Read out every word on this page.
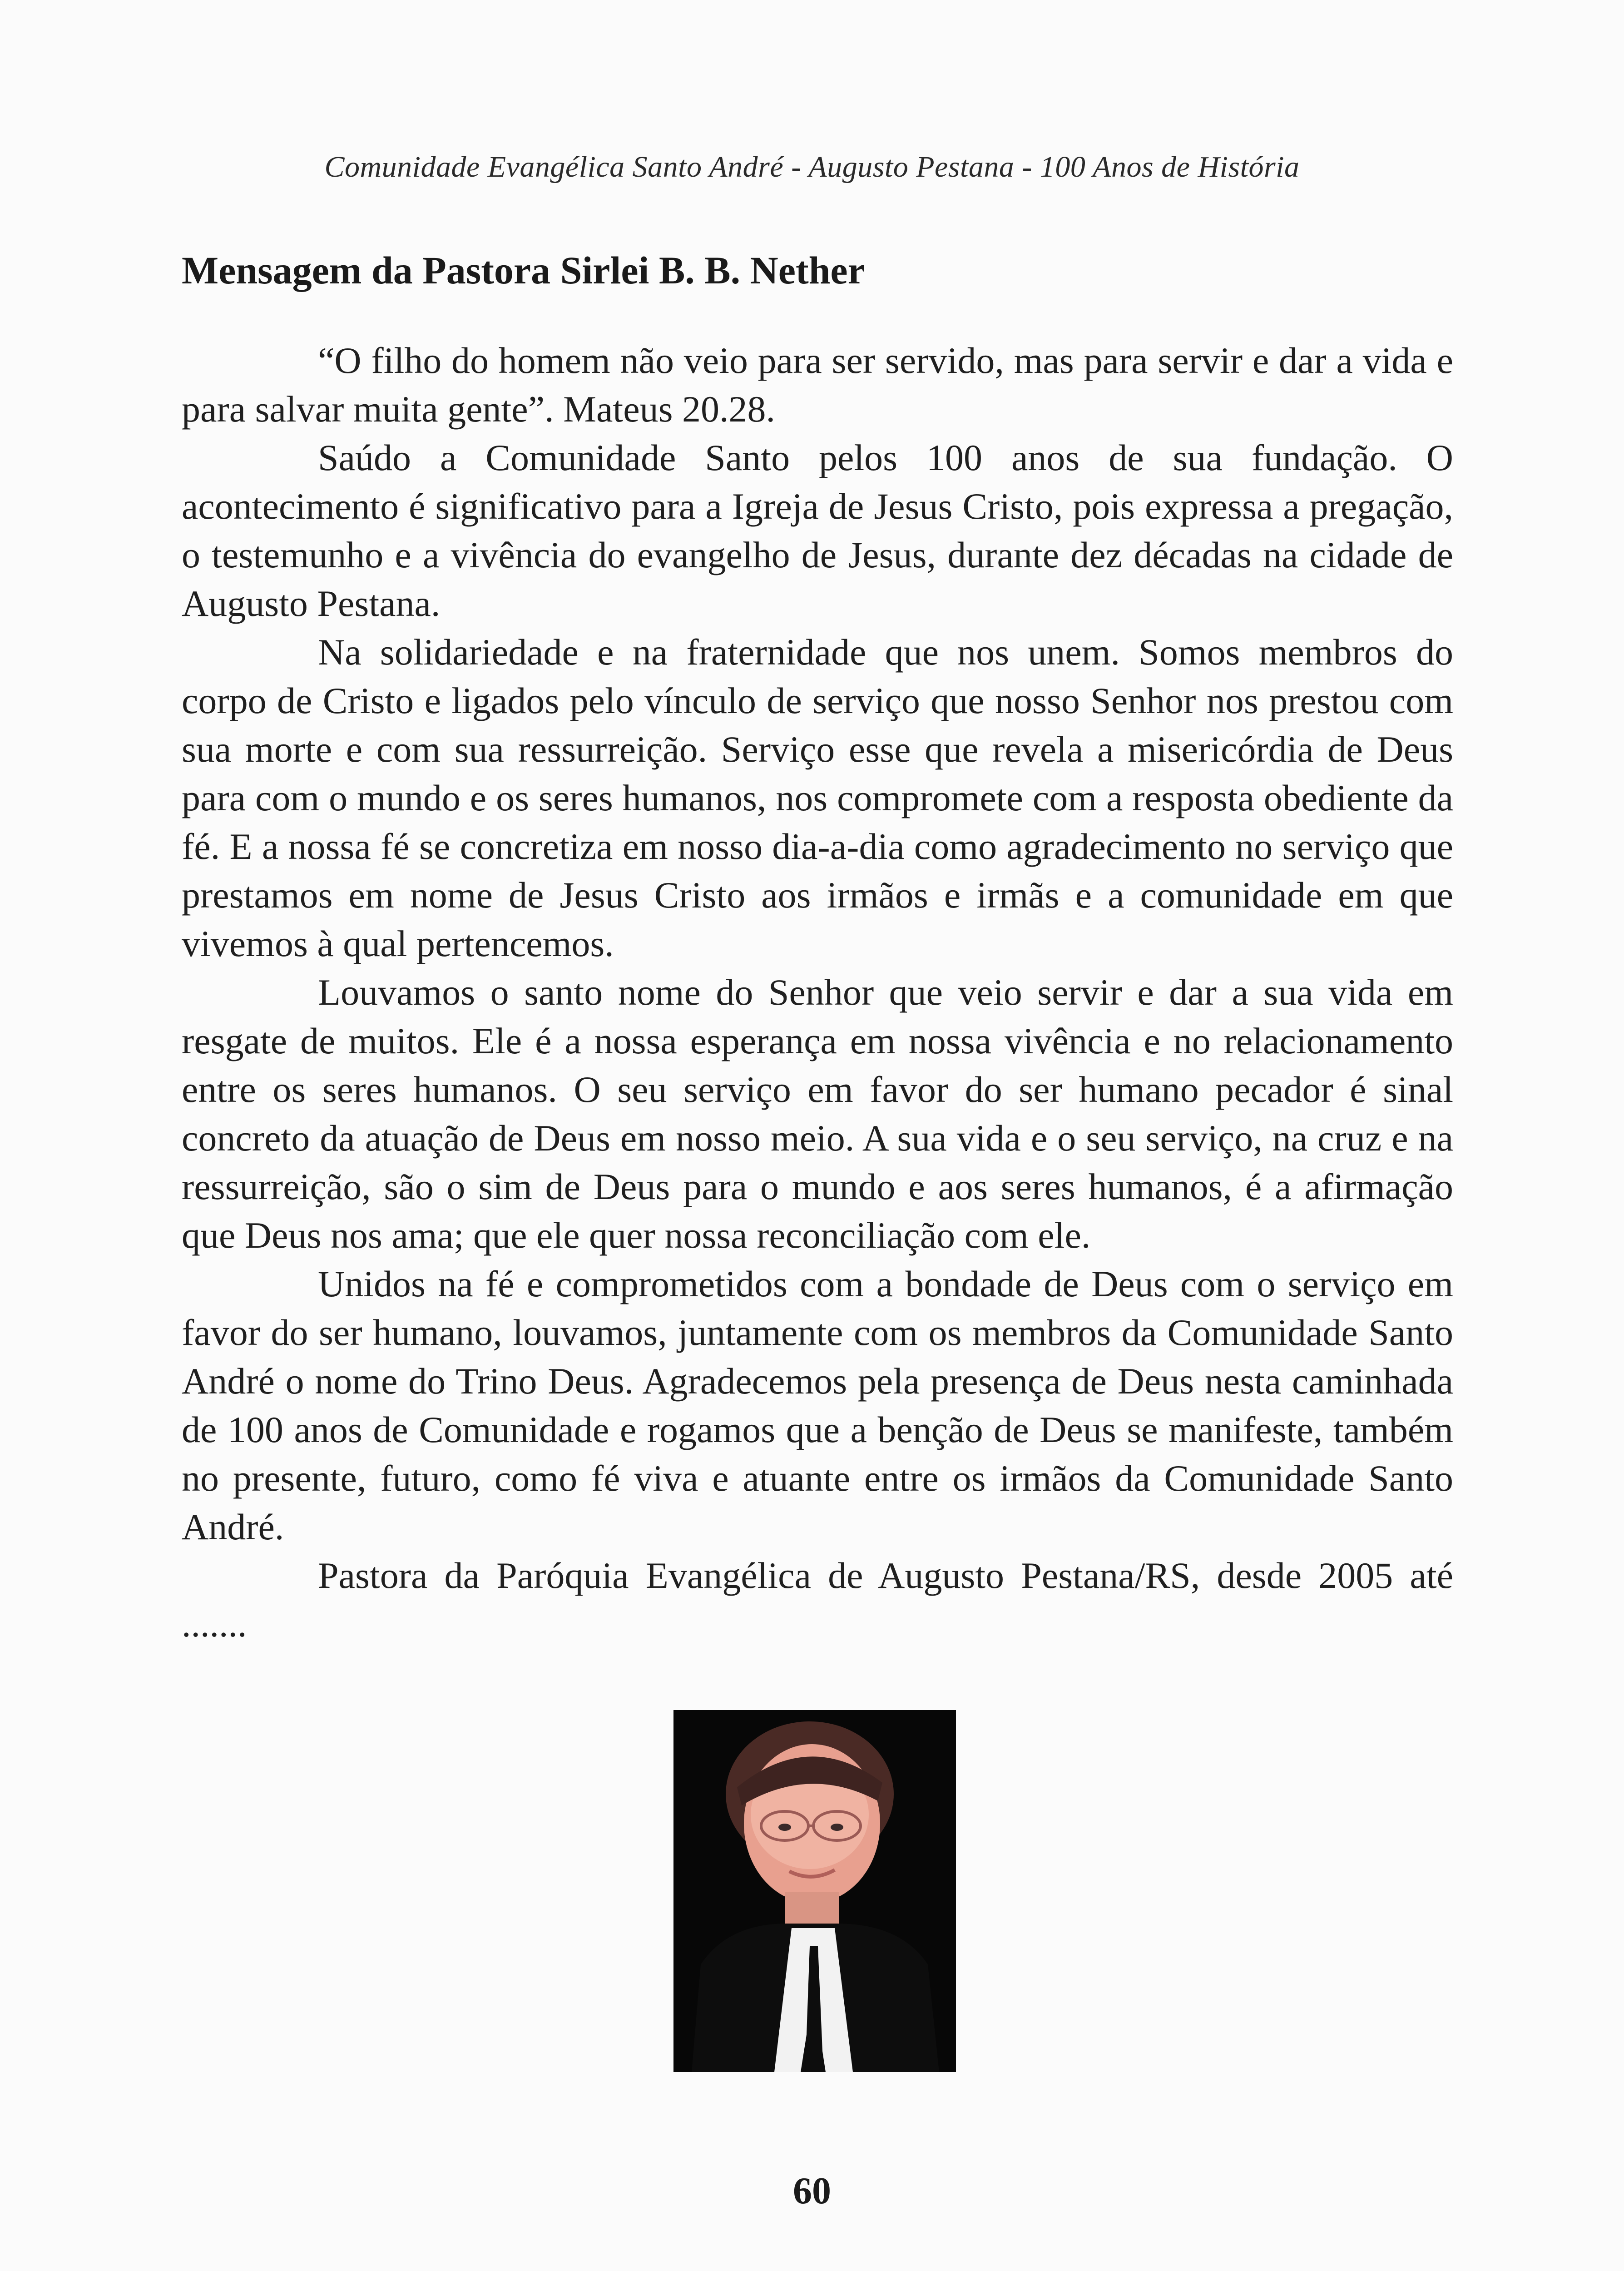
Comunidade Evangélica Santo André - Augusto Pestana - 100 Anos de História
Mensagem da Pastora Sirlei B. B. Nether

“O filho do homem não veio para ser servido, mas para servir e dar a vida e para salvar muita gente”. Mateus 20.28.

Saúdo a Comunidade Santo pelos 100 anos de sua fundação. O acontecimento é significativo para a Igreja de Jesus Cristo, pois expressa a pregação, o testemunho e a vivência do evangelho de Jesus, durante dez décadas na cidade de Augusto Pestana.

Na solidariedade e na fraternidade que nos unem. Somos membros do corpo de Cristo e ligados pelo vínculo de serviço que nosso Senhor nos prestou com sua morte e com sua ressurreição. Serviço esse que revela a misericórdia de Deus para com o mundo e os seres humanos, nos compromete com a resposta obediente da fé. E a nossa fé se concretiza em nosso dia-a-dia como agradecimento no serviço que prestamos em nome de Jesus Cristo aos irmãos e irmãs e a comunidade em que vivemos à qual pertencemos.

Louvamos o santo nome do Senhor que veio servir e dar a sua vida em resgate de muitos. Ele é a nossa esperança em nossa vivência e no relacionamento entre os seres humanos. O seu serviço em favor do ser humano pecador é sinal concreto da atuação de Deus em nosso meio. A sua vida e o seu serviço, na cruz e na ressurreição, são o sim de Deus para o mundo e aos seres humanos, é a afirmação que Deus nos ama; que ele quer nossa reconciliação com ele.

Unidos na fé e comprometidos com a bondade de Deus com o serviço em favor do ser humano, louvamos, juntamente com os membros da Comunidade Santo André o nome do Trino Deus. Agradecemos pela presença de Deus nesta caminhada de 100 anos de Comunidade e rogamos que a benção de Deus se manifeste, também no presente, futuro, como fé viva e atuante entre os irmãos da Comunidade Santo André.

Pastora da Paróquia Evangélica de Augusto Pestana/RS, desde 2005 até .......

60
